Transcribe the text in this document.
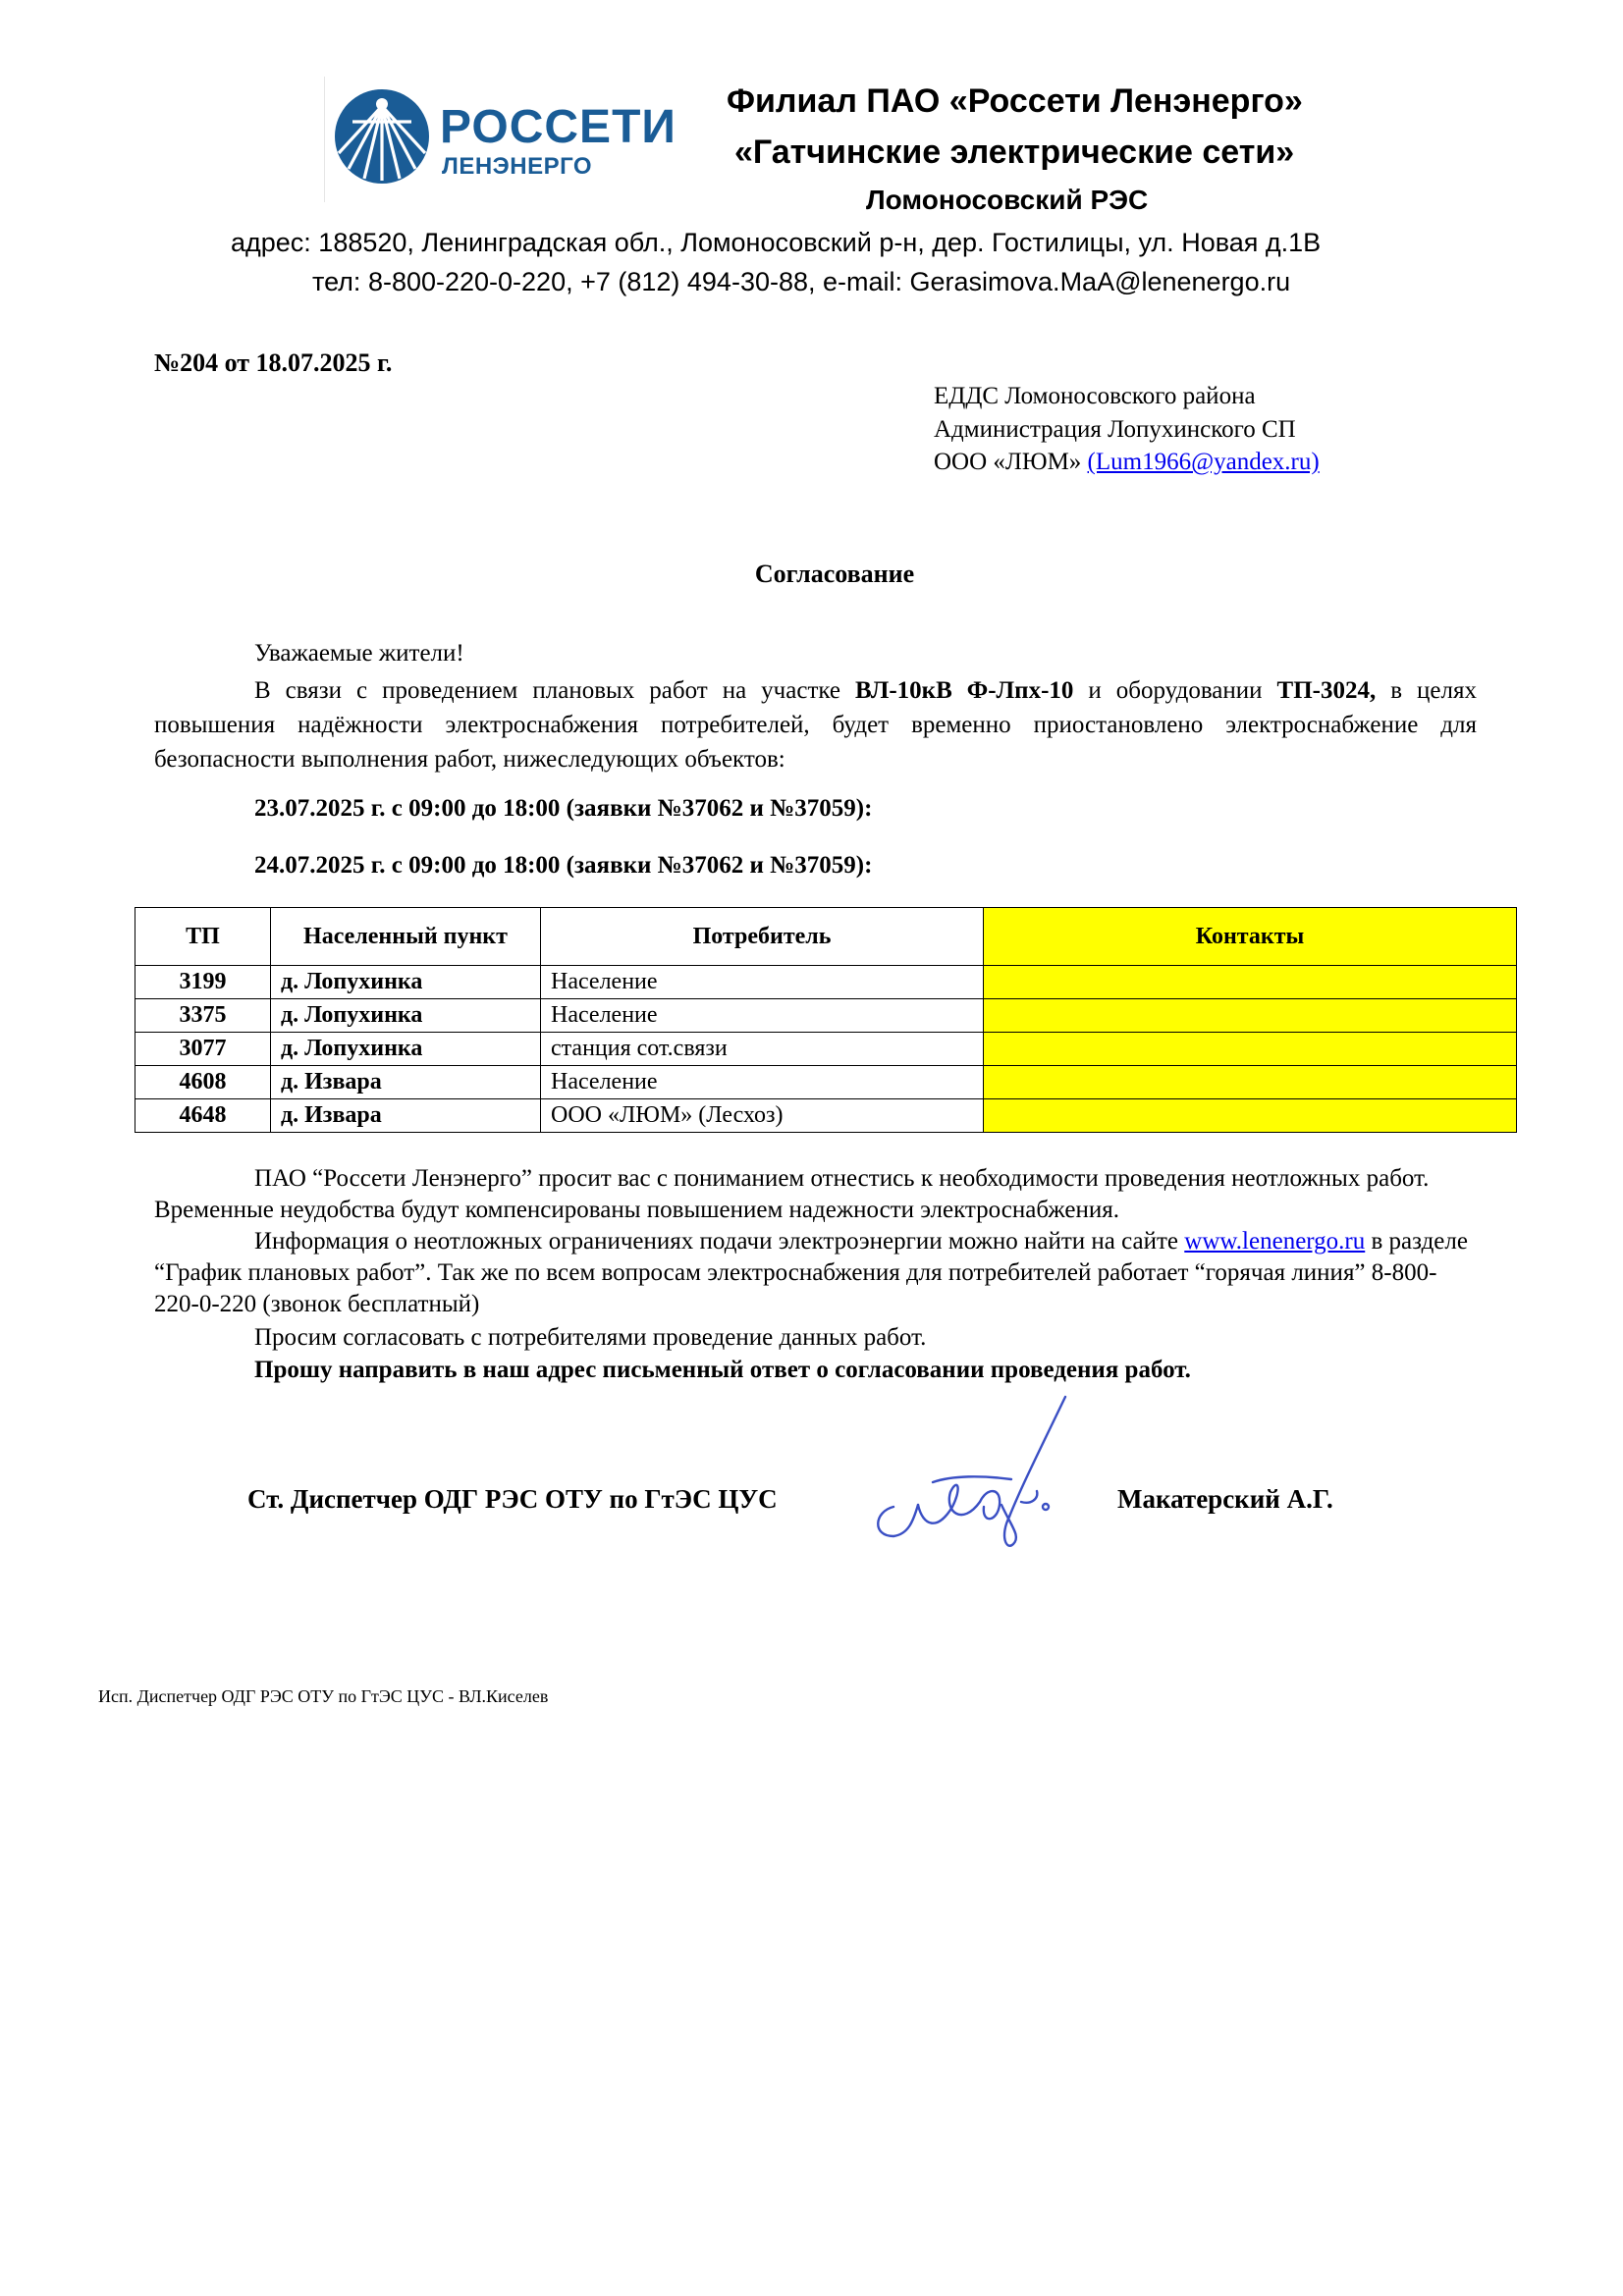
РОССЕТИ
ЛЕНЭНЕРГО
Филиал ПАО «Россети Ленэнерго»
«Гатчинские электрические сети»
Ломоносовский РЭС
адрес: 188520, Ленинградская обл., Ломоносовский р-н, дер. Гостилицы, ул. Новая д.1В
тел: 8-800-220-0-220, +7 (812) 494-30-88, e-mail: Gerasimova.MaA@lenenergo.ru
№204 от 18.07.2025 г.
ЕДДС Ломоносовского района
Администрация Лопухинского СП
ООО «ЛЮМ» (Lum1966@yandex.ru)
Согласование
Уважаемые жители!
В связи с проведением плановых работ на участке ВЛ-10кВ Ф-Лпх-10 и оборудовании ТП-3024, в целях повышения надёжности электроснабжения потребителей, будет временно приостановлено электроснабжение для безопасности выполнения работ, нижеследующих объектов:
23.07.2025 г. с 09:00 до 18:00 (заявки №37062 и №37059):
24.07.2025 г. с 09:00 до 18:00 (заявки №37062 и №37059):
ТП	Населенный пункт	Потребитель	Контакты
3199	д. Лопухинка	Население	
3375	д. Лопухинка	Население	
3077	д. Лопухинка	станция сот.связи	
4608	д. Извара	Население	
4648	д. Извара	ООО «ЛЮМ» (Лесхоз)	
ПАО “Россети Ленэнерго” просит вас с пониманием отнестись к необходимости проведения неотложных работ. Временные неудобства будут компенсированы повышением надежности электроснабжения.
Информация о неотложных ограничениях подачи электроэнергии можно найти на сайте www.lenenergo.ru в разделе “График плановых работ”. Так же по всем вопросам электроснабжения для потребителей работает “горячая линия” 8-800-220-0-220 (звонок бесплатный)
Просим согласовать с потребителями проведение данных работ.
Прошу направить в наш адрес письменный ответ о согласовании проведения работ.
Ст. Диспетчер ОДГ РЭС ОТУ по ГтЭС ЦУС	Макатерский А.Г.
Исп. Диспетчер ОДГ РЭС ОТУ по ГтЭС ЦУС - ВЛ.Киселев
